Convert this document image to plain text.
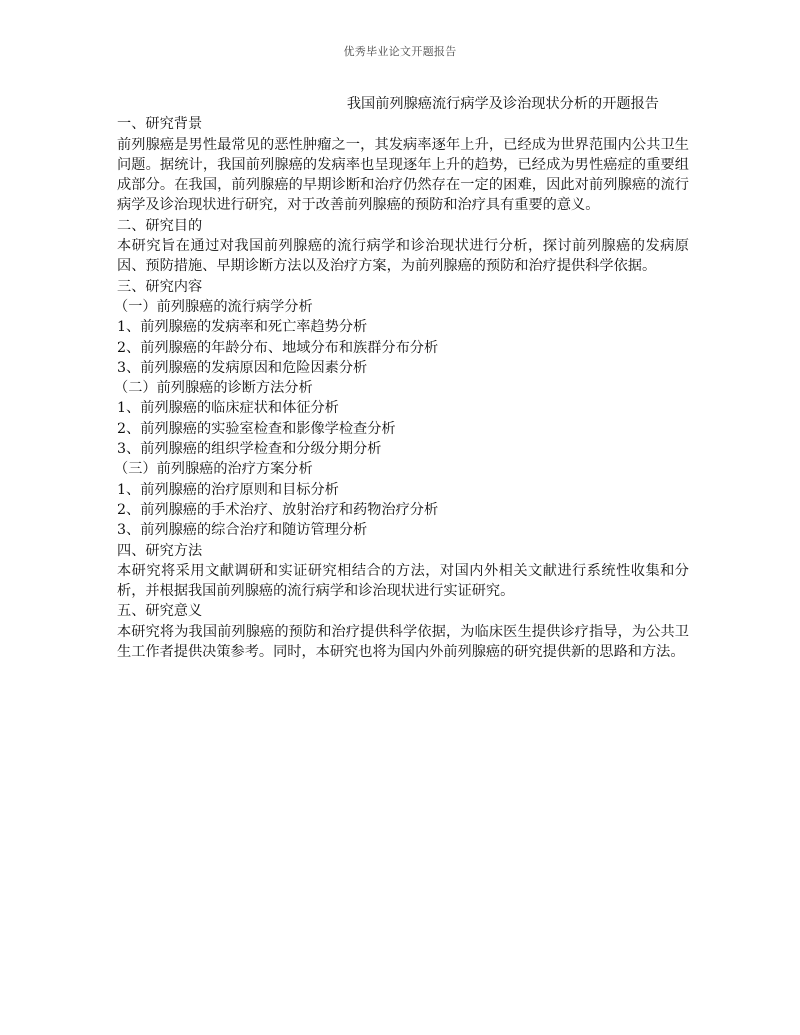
优秀毕业论文开题报告
我国前列腺癌流行病学及诊治现状分析的开题报告
一、研究背景
前列腺癌是男性最常见的恶性肿瘤之一，其发病率逐年上升，已经成为世界范围内公共卫生问题。据统计，我国前列腺癌的发病率也呈现逐年上升的趋势，已经成为男性癌症的重要组成部分。在我国，前列腺癌的早期诊断和治疗仍然存在一定的困难，因此对前列腺癌的流行病学及诊治现状进行研究，对于改善前列腺癌的预防和治疗具有重要的意义。
二、研究目的
本研究旨在通过对我国前列腺癌的流行病学和诊治现状进行分析，探讨前列腺癌的发病原因、预防措施、早期诊断方法以及治疗方案，为前列腺癌的预防和治疗提供科学依据。
三、研究内容
（一）前列腺癌的流行病学分析
1、前列腺癌的发病率和死亡率趋势分析
2、前列腺癌的年龄分布、地域分布和族群分布分析
3、前列腺癌的发病原因和危险因素分析
（二）前列腺癌的诊断方法分析
1、前列腺癌的临床症状和体征分析
2、前列腺癌的实验室检查和影像学检查分析
3、前列腺癌的组织学检查和分级分期分析
（三）前列腺癌的治疗方案分析
1、前列腺癌的治疗原则和目标分析
2、前列腺癌的手术治疗、放射治疗和药物治疗分析
3、前列腺癌的综合治疗和随访管理分析
四、研究方法
本研究将采用文献调研和实证研究相结合的方法，对国内外相关文献进行系统性收集和分析，并根据我国前列腺癌的流行病学和诊治现状进行实证研究。
五、研究意义
本研究将为我国前列腺癌的预防和治疗提供科学依据，为临床医生提供诊疗指导，为公共卫生工作者提供决策参考。同时，本研究也将为国内外前列腺癌的研究提供新的思路和方法。
